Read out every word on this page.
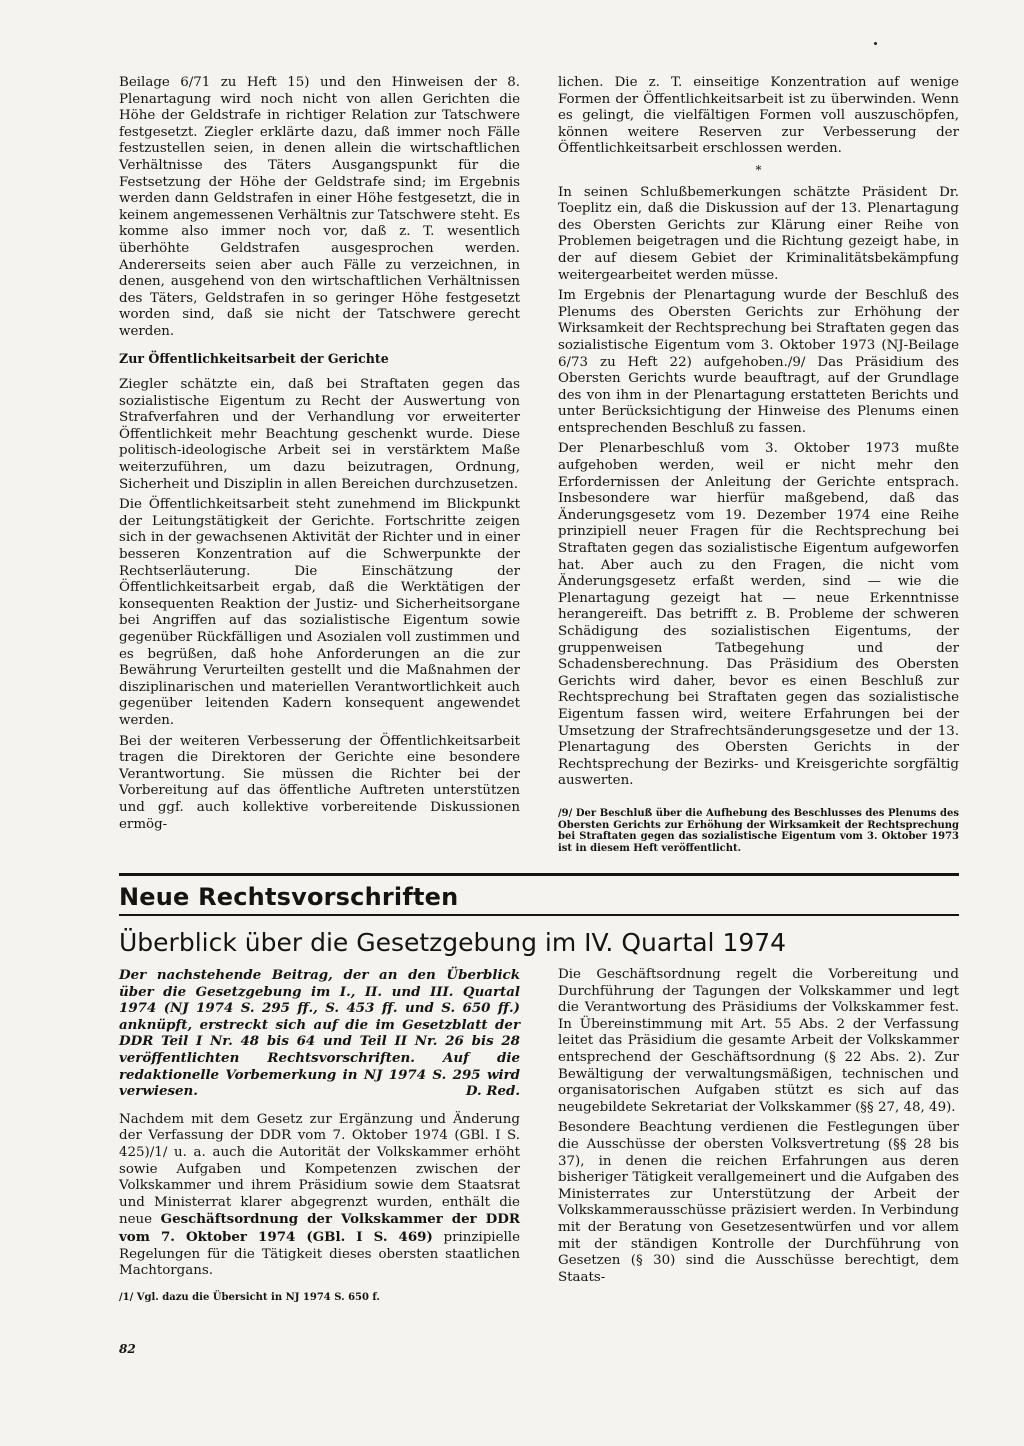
Beilage 6/71 zu Heft 15) und den Hinweisen der 8. Plenartagung wird noch nicht von allen Gerichten die Höhe der Geldstrafe in richtiger Relation zur Tatschwere festgesetzt. Ziegler erklärte dazu, daß immer noch Fälle festzustellen seien, in denen allein die wirtschaftlichen Verhältnisse des Täters Ausgangspunkt für die Festsetzung der Höhe der Geldstrafe sind; im Ergebnis werden dann Geldstrafen in einer Höhe festgesetzt, die in keinem angemessenen Verhältnis zur Tatschwere steht. Es komme also immer noch vor, daß z. T. wesentlich überhöhte Geldstrafen ausgesprochen werden. Andererseits seien aber auch Fälle zu verzeichnen, in denen, ausgehend von den wirtschaftlichen Verhältnissen des Täters, Geldstrafen in so geringer Höhe festgesetzt worden sind, daß sie nicht der Tatschwere gerecht werden.

Zur Öffentlichkeitsarbeit der Gerichte

Ziegler schätzte ein, daß bei Straftaten gegen das sozialistische Eigentum zu Recht der Auswertung von Strafverfahren und der Verhandlung vor erweiterter Öffentlichkeit mehr Beachtung geschenkt wurde. Diese politisch-ideologische Arbeit sei in verstärktem Maße weiterzuführen, um dazu beizutragen, Ordnung, Sicherheit und Disziplin in allen Bereichen durchzusetzen.

Die Öffentlichkeitsarbeit steht zunehmend im Blickpunkt der Leitungstätigkeit der Gerichte. Fortschritte zeigen sich in der gewachsenen Aktivität der Richter und in einer besseren Konzentration auf die Schwerpunkte der Rechtserläuterung. Die Einschätzung der Öffentlichkeitsarbeit ergab, daß die Werktätigen der konsequenten Reaktion der Justiz- und Sicherheitsorgane bei Angriffen auf das sozialistische Eigentum sowie gegenüber Rückfälligen und Asozialen voll zustimmen und es begrüßen, daß hohe Anforderungen an die zur Bewährung Verurteilten gestellt und die Maßnahmen der disziplinarischen und materiellen Verantwortlichkeit auch gegenüber leitenden Kadern konsequent angewendet werden.

Bei der weiteren Verbesserung der Öffentlichkeitsarbeit tragen die Direktoren der Gerichte eine besondere Verantwortung. Sie müssen die Richter bei der Vorbereitung auf das öffentliche Auftreten unterstützen und ggf. auch kollektive vorbereitende Diskussionen ermög-

lichen. Die z. T. einseitige Konzentration auf wenige Formen der Öffentlichkeitsarbeit ist zu überwinden. Wenn es gelingt, die vielfältigen Formen voll auszuschöpfen, können weitere Reserven zur Verbesserung der Öffentlichkeitsarbeit erschlossen werden.

*

In seinen Schlußbemerkungen schätzte Präsident Dr. Toeplitz ein, daß die Diskussion auf der 13. Plenartagung des Obersten Gerichts zur Klärung einer Reihe von Problemen beigetragen und die Richtung gezeigt habe, in der auf diesem Gebiet der Kriminalitätsbekämpfung weitergearbeitet werden müsse.

Im Ergebnis der Plenartagung wurde der Beschluß des Plenums des Obersten Gerichts zur Erhöhung der Wirksamkeit der Rechtsprechung bei Straftaten gegen das sozialistische Eigentum vom 3. Oktober 1973 (NJ-Beilage 6/73 zu Heft 22) aufgehoben./9/ Das Präsidium des Obersten Gerichts wurde beauftragt, auf der Grundlage des von ihm in der Plenartagung erstatteten Berichts und unter Berücksichtigung der Hinweise des Plenums einen entsprechenden Beschluß zu fassen.

Der Plenarbeschluß vom 3. Oktober 1973 mußte aufgehoben werden, weil er nicht mehr den Erfordernissen der Anleitung der Gerichte entsprach. Insbesondere war hierfür maßgebend, daß das Änderungsgesetz vom 19. Dezember 1974 eine Reihe prinzipiell neuer Fragen für die Rechtsprechung bei Straftaten gegen das sozialistische Eigentum aufgeworfen hat. Aber auch zu den Fragen, die nicht vom Änderungsgesetz erfaßt werden, sind — wie die Plenartagung gezeigt hat — neue Erkenntnisse herangereift. Das betrifft z. B. Probleme der schweren Schädigung des sozialistischen Eigentums, der gruppenweisen Tatbegehung und der Schadensberechnung. Das Präsidium des Obersten Gerichts wird daher, bevor es einen Beschluß zur Rechtsprechung bei Straftaten gegen das sozialistische Eigentum fassen wird, weitere Erfahrungen bei der Umsetzung der Strafrechtsänderungsgesetze und der 13. Plenartagung des Obersten Gerichts in der Rechtsprechung der Bezirks- und Kreisgerichte sorgfältig auswerten.

/9/ Der Beschluß über die Aufhebung des Beschlusses des Plenums des Obersten Gerichts zur Erhöhung der Wirksamkeit der Rechtsprechung bei Straftaten gegen das sozialistische Eigentum vom 3. Oktober 1973 ist in diesem Heft veröffentlicht.

Neue Rechtsvorschriften
Überblick über die Gesetzgebung im IV. Quartal 1974

Der nachstehende Beitrag, der an den Überblick über die Gesetzgebung im I., II. und III. Quartal 1974 (NJ 1974 S. 295 ff., S. 453 ff. und S. 650 ff.) anknüpft, erstreckt sich auf die im Gesetzblatt der DDR Teil I Nr. 48 bis 64 und Teil II Nr. 26 bis 28 veröffentlichten Rechtsvorschriften. Auf die redaktionelle Vorbemerkung in NJ 1974 S. 295 wird verwiesen.	D. Red.

Nachdem mit dem Gesetz zur Ergänzung und Änderung der Verfassung der DDR vom 7. Oktober 1974 (GBl. I S. 425)/1/ u. a. auch die Autorität der Volkskammer erhöht sowie Aufgaben und Kompetenzen zwischen der Volkskammer und ihrem Präsidium sowie dem Staatsrat und Ministerrat klarer abgegrenzt wurden, enthält die neue Geschäftsordnung der Volkskammer der DDR vom 7. Oktober 1974 (GBl. I S. 469) prinzipielle Regelungen für die Tätigkeit dieses obersten staatlichen Machtorgans.

/1/ Vgl. dazu die Übersicht in NJ 1974 S. 650 f.

Die Geschäftsordnung regelt die Vorbereitung und Durchführung der Tagungen der Volkskammer und legt die Verantwortung des Präsidiums der Volkskammer fest. In Übereinstimmung mit Art. 55 Abs. 2 der Verfassung leitet das Präsidium die gesamte Arbeit der Volkskammer entsprechend der Geschäftsordnung (§ 22 Abs. 2). Zur Bewältigung der verwaltungsmäßigen, technischen und organisatorischen Aufgaben stützt es sich auf das neugebildete Sekretariat der Volkskammer (§§ 27, 48, 49).

Besondere Beachtung verdienen die Festlegungen über die Ausschüsse der obersten Volksvertretung (§§ 28 bis 37), in denen die reichen Erfahrungen aus deren bisheriger Tätigkeit verallgemeinert und die Aufgaben des Ministerrates zur Unterstützung der Arbeit der Volkskammerausschüsse präzisiert werden. In Verbindung mit der Beratung von Gesetzesentwürfen und vor allem mit der ständigen Kontrolle der Durchführung von Gesetzen (§ 30) sind die Ausschüsse berechtigt, dem Staats-

82
